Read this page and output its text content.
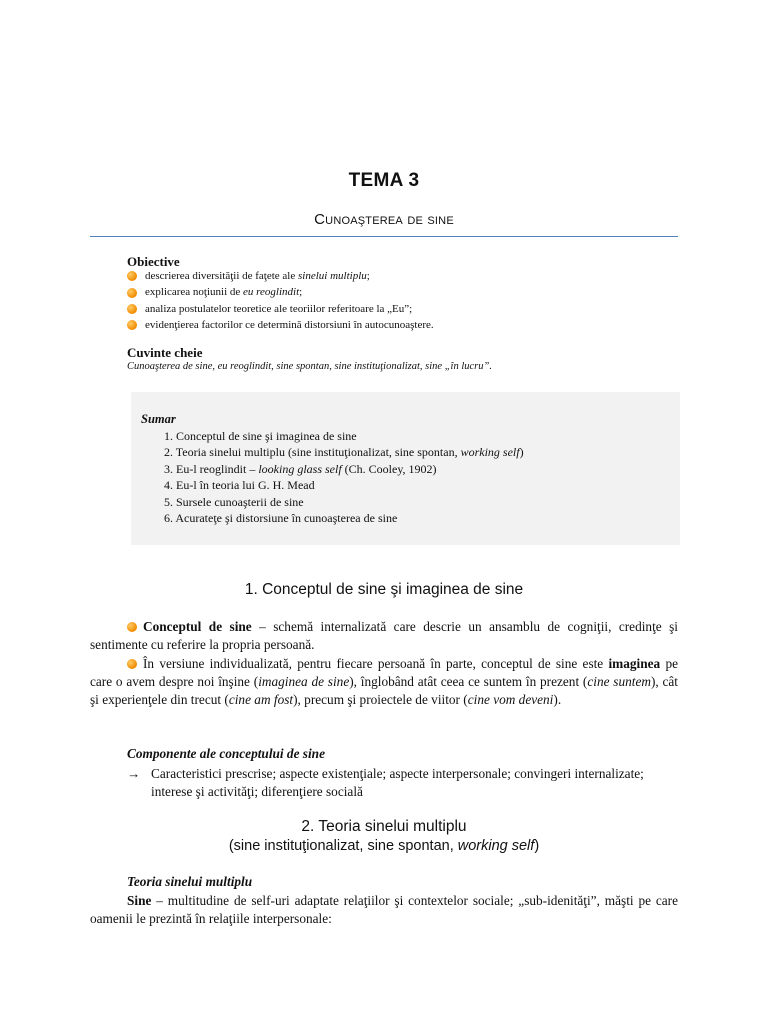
TEMA 3
Cunoaşterea de sine
Obiective
descrierea diversităţii de faţete ale sinelui multiplu;
explicarea noţiunii de eu reoglindit;
analiza postulatelor teoretice ale teoriilor referitoare la „Eu”;
evidenţierea factorilor ce determină distorsiuni în autocunoaştere.
Cuvinte cheie
Cunoaşterea de sine, eu reoglindit, sine spontan, sine instituţionalizat, sine „în lucru”.
Sumar
1. Conceptul de sine şi imaginea de sine
2. Teoria sinelui multiplu (sine instituţionalizat, sine spontan, working self)
3. Eu-l reoglindit – looking glass self (Ch. Cooley, 1902)
4. Eu-l în teoria lui G. H. Mead
5. Sursele cunoaşterii de sine
6. Acurateţe şi distorsiune în cunoaşterea de sine
1. Conceptul de sine şi imaginea de sine
Conceptul de sine – schemă internalizată care descrie un ansamblu de cogniţii, credinţe şi sentimente cu referire la propria persoană.
În versiune individualizată, pentru fiecare persoană în parte, conceptul de sine este imaginea pe care o avem despre noi înşine (imaginea de sine), înglobând atât ceea ce suntem în prezent (cine suntem), cât şi experienţele din trecut (cine am fost), precum şi proiectele de viitor (cine vom deveni).
Componente ale conceptului de sine
→ Caracteristici prescrise; aspecte existenţiale; aspecte interpersonale; convingeri internalizate; interese şi activităţi; diferenţiere socială
2. Teoria sinelui multiplu
(sine instituţionalizat, sine spontan, working self)
Teoria sinelui multiplu
Sine – multitudine de self-uri adaptate relaţiilor şi contextelor sociale; „sub-idenităţi”, măşti pe care oamenii le prezintă în relaţiile interpersonale:
